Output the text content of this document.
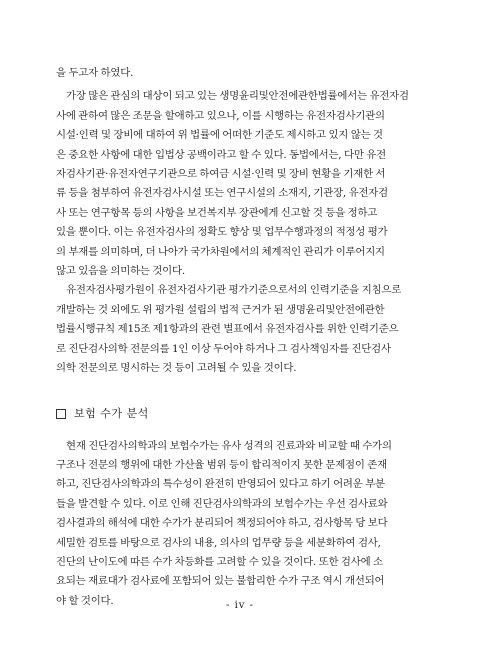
을 두고자 하였다.
가장 많은 관심의 대상이 되고 있는 생명윤리및안전에관한법률에서는 유전자검
사에 관하여 많은 조문을 할애하고 있으나, 이를 시행하는 유전자검사기관의
시설·인력 및 장비에 대하여 위 법률에 어떠한 기준도 제시하고 있지 않는 것
은 중요한 사항에 대한 입법상 공백이라고 할 수 있다. 동법에서는, 다만 유전
자검사기관·유전자연구기관으로 하여금 시설·인력 및 장비 현황을 기재한 서
류 등을 첨부하여 유전자검사시설 또는 연구시설의 소재지, 기관장, 유전자검
사 또는 연구항목 등의 사항을 보건복지부 장관에게 신고할 것 등을 정하고
있을 뿐이다. 이는 유전자검사의 정확도 향상 및 업무수행과정의 적정성 평가
의 부재를 의미하며, 더 나아가 국가차원에서의 체계적인 관리가 이루어지지
않고 있음을 의미하는 것이다.
유전자검사평가원이 유전자검사기관 평가기준으로서의 인력기준을 지침으로
개발하는 것 외에도 위 평가원 설립의 법적 근거가 된 생명윤리및안전에관한
법률시행규칙 제15조 제1항과의 관련 별표에서 유전자검사를 위한 인력기준으
로 진단검사의학 전문의를 1인 이상 두어야 하거나 그 검사책임자를 진단검사
의학 전문의로 명시하는 것 등이 고려될 수 있을 것이다.
보험 수가 분석
현재 진단검사의학과의 보험수가는 유사 성격의 진료과와 비교할 때 수가의
구조나 전문의 행위에 대한 가산율 범위 등이 합리적이지 못한 문제점이 존재
하고, 진단검사의학과의 특수성이 완전히 반영되어 있다고 하기 어려운 부분
들을 발견할 수 있다. 이로 인해 진단검사의학과의 보험수가는 우선 검사료와
검사결과의 해석에 대한 수가가 분리되어 책정되어야 하고, 검사항목 당 보다
세밀한 검토를 바탕으로 검사의 내용, 의사의 업무량 등을 세분화하여 검사,
진단의 난이도에 따른 수가 차등화를 고려할 수 있을 것이다. 또한 검사에 소
요되는 재료대가 검사료에 포함되어 있는 불합리한 수가 구조 역시 개선되어
야 할 것이다.	- iv -
